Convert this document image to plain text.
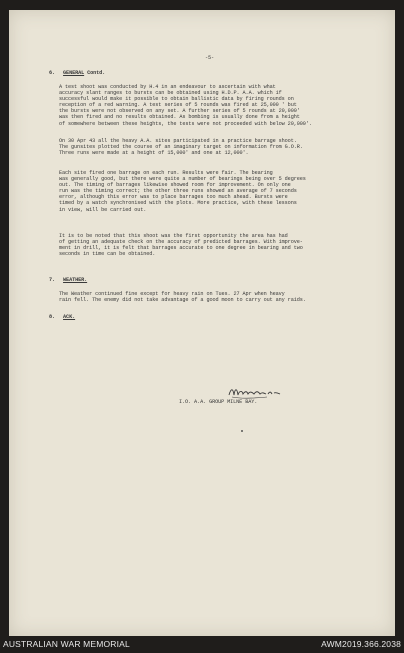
-5-
6. GENERAL Contd.
A test shoot was conducted by H.4 in an endeavour to ascertain with what
accuracy slant ranges to bursts can be obtained using H.D.P. A.A. which if
successful would make it possible to obtain ballistic data by firing rounds on
reception of a red warning. A test series of 5 rounds was fired at 25,000 ' but
the bursts were not observed on any set. A further series of 5 rounds at 20,000'
was then fired and no results obtained. As bombing is usually done from a height
of somewhere between these heights, the tests were not proceeded with below 20,000'.
On 30 Apr 43 all the heavy A.A. sites participated in a practice barrage shoot.
The gunsites plotted the course of an imaginary target on information from G.O.R.
Three runs were made at a height of 15,000' and one at 12,000'.
Each site fired one barrage on each run. Results were fair. The bearing
was generally good, but there were quite a number of bearings being over 5 degrees
out. The timing of barrages likewise showed room for improvement. On only one
run was the timing correct; the other three runs showed an average of 7 seconds
error, although this error was to place barrages too much ahead. Bursts were
timed by a watch synchronised with the plots. More practice, with these lessons
in view, will be carried out.
It is to be noted that this shoot was the first opportunity the area has had
of getting an adequate check on the accuracy of predicted barrages. With improve-
ment in drill, it is felt that barrages accurate to one degree in bearing and two
seconds in time can be obtained.
7. WEATHER.
The Weather continued fine except for heavy rain on Tues. 27 Apr when heavy
rain fell. The enemy did not take advantage of a good moon to carry out any raids.
8. ACK.
I.O. A.A. GROUP MILNE BAY.
AUSTRALIAN WAR MEMORIAL	AWM2019.366.2038
